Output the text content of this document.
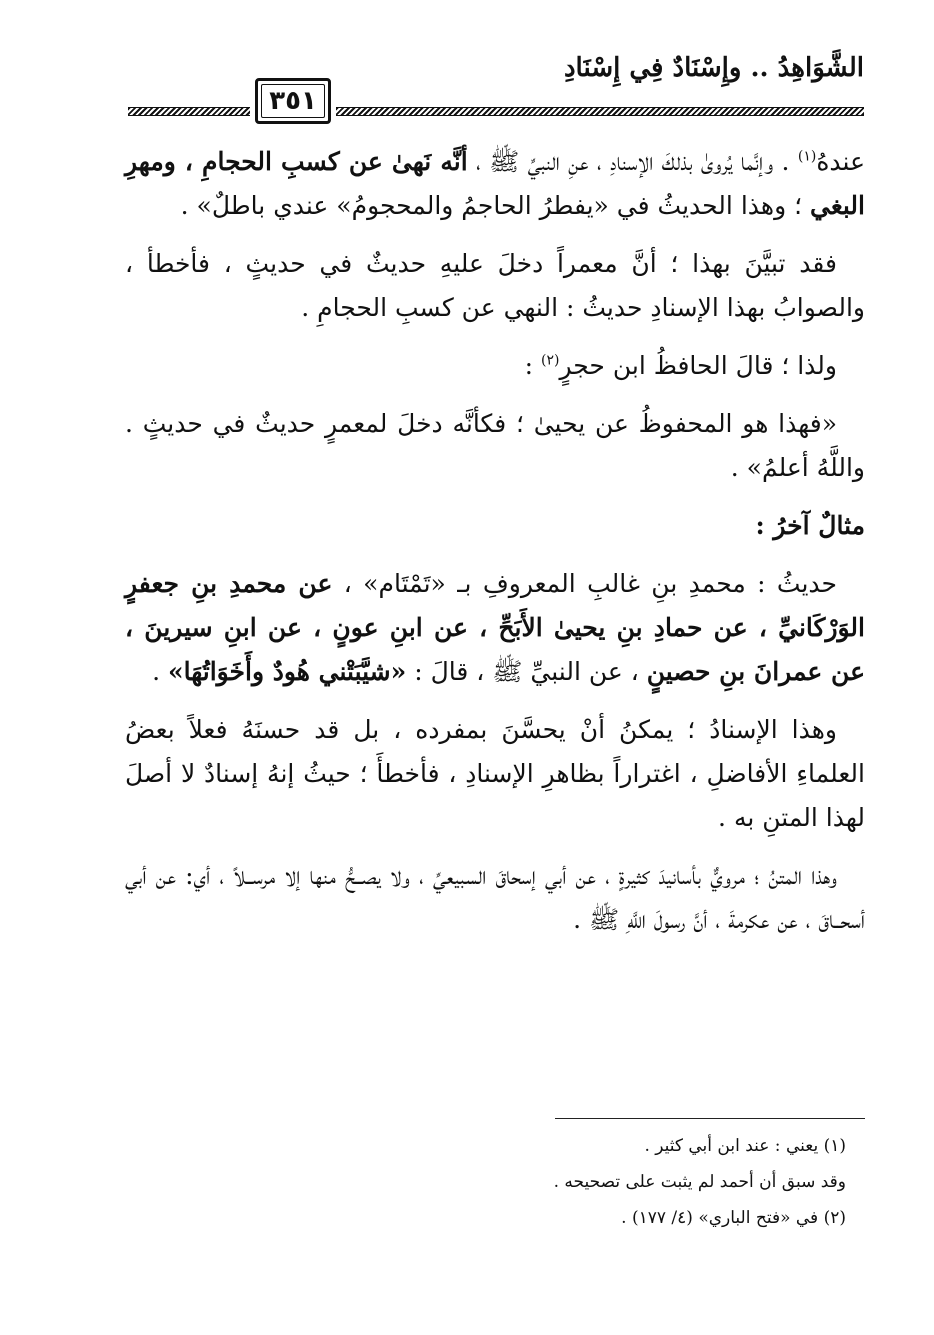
الشَّوَاهِدُ .. وإِسْنَادٌ فِي إِسْنَادِ
٣٥١

عندهُ$^{(١)}$ . وإنَّما يُروىٰ بذلكَ الإسنادِ ، عنِ النبيِّ ﷺ ، أنَّه نَهىٰ عن كسبِ الحجامِ ، ومهرِ البغي ؛ وهذا الحديثُ في «يفطرُ الحاجمُ والمحجومُ» عندي باطلٌ» .

فقد تبيَّنَ بهذا ؛ أنَّ معمراً دخلَ عليهِ حديثٌ في حديثٍ ، فأخطأ ، والصوابُ بهذا الإسنادِ حديثُ : النهي عن كسبِ الحجامِ .

ولذا ؛ قالَ الحافظُ ابن حجرٍ$^{(٢)}$ :

«فهذا هو المحفوظُ عن يحيىٰ ؛ فكأنَّه دخلَ لمعمرٍ حديثٌ في حديثٍ . واللَّهُ أعلمُ» .

مثالٌ آخرُ :

حديثُ : محمدِ بنِ غالبِ المعروفِ بـ «تَمْتَام» ، عن محمدِ بنِ جعفرٍ الوَرْكَانيِّ ، عن حمادِ بنِ يحيىٰ الأَبَحِّ ، عن ابنِ عونٍ ، عن ابنِ سيرينَ ، عن عمرانَ بنِ حصينٍ ، عن النبيِّ ﷺ ، قالَ : «شيَّبَتْني هُودٌ وأَخَوَاتُهَا» .

وهذا الإسنادُ ؛ يمكنُ أنْ يحسَّنَ بمفرده ، بل قد حسنَهُ فعلاً بعضُ العلماءِ الأفاضلِ ، اغتراراً بظاهرِ الإسنادِ ، فأخطأَ ؛ حيثُ إنهُ إسنادٌ لا أصلَ لهذا المتنِ به .

وهذا المتنُ ؛ مرويٌّ بأسانيدَ كثيرةٍ ، عن أبي إسحاقَ السبيعيِّ ، ولا يصــحُّ منها إلا مرســلاً ، أي: عن أبي أسحــاقَ ، عن عكرمةَ ، أنَّ رسولَ اللَّهِ ﷺ .

(١) يعني : عند ابن أبي كثير .
وقد سبق أن أحمد لم يثبت على تصحيحه .
(٢) في «فتح الباري» (٤/ ١٧٧) .
